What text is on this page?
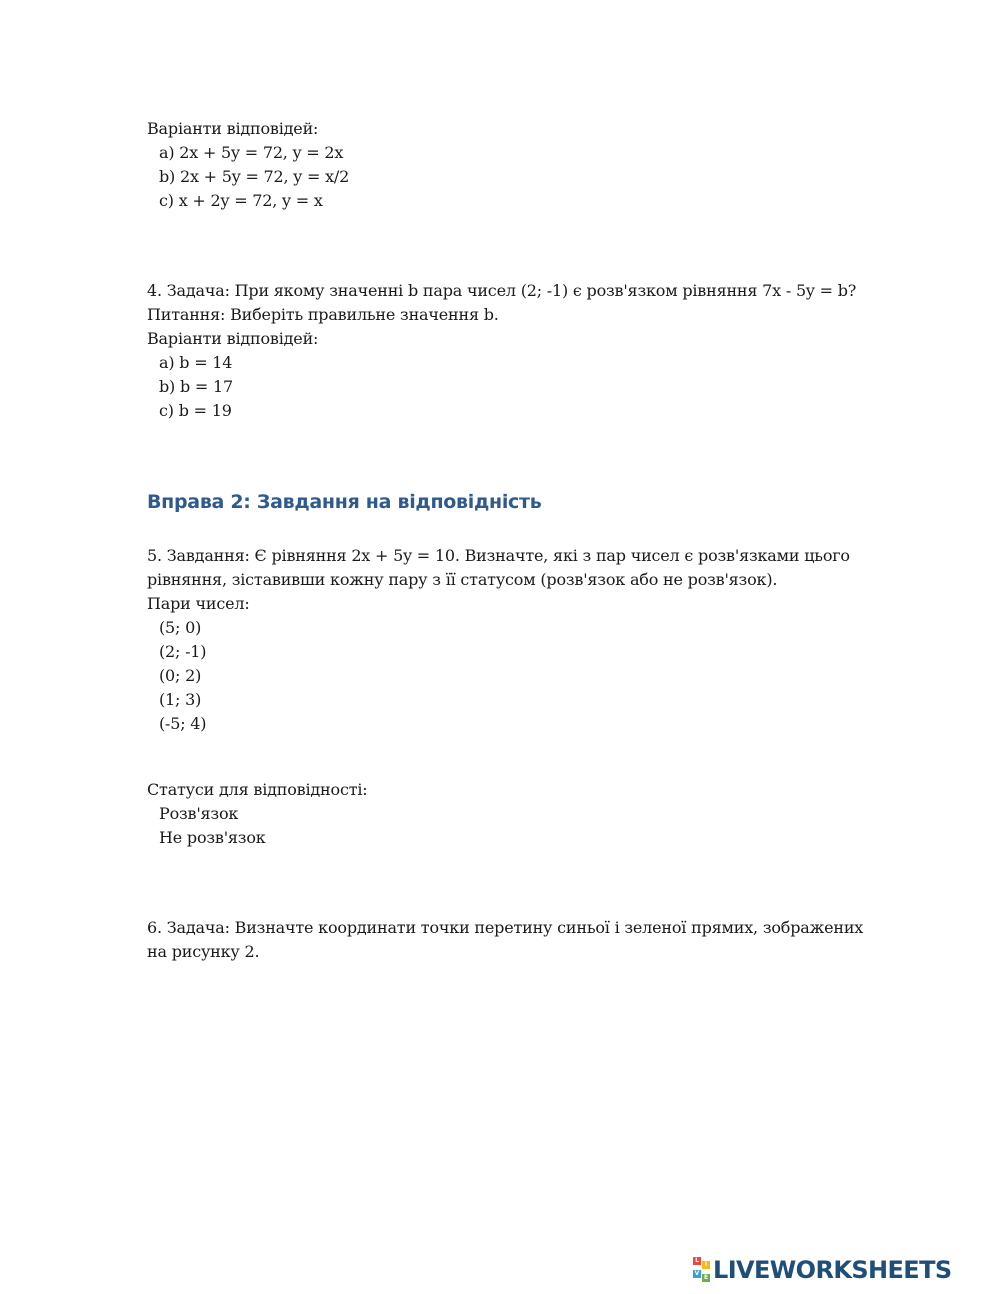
Варіанти відповідей:
a) 2x + 5y = 72, y = 2x
b) 2x + 5y = 72, y = x/2
c) x + 2y = 72, y = x
4. Задача: При якому значенні b пара чисел (2; -1) є розв'язком рівняння 7x - 5y = b?
Питання: Виберіть правильне значення b.
Варіанти відповідей:
a) b = 14
b) b = 17
c) b = 19
Вправа 2: Завдання на відповідність
5. Завдання: Є рівняння 2x + 5y = 10. Визначте, які з пар чисел є розв'язками цього
рівняння, зіставивши кожну пару з її статусом (розв'язок або не розв'язок).
Пари чисел:
(5; 0)
(2; -1)
(0; 2)
(1; 3)
(-5; 4)
Статуси для відповідності:
Розв'язок
Не розв'язок
6. Задача: Визначте координати точки перетину синьої і зеленої прямих, зображених
на рисунку 2.
L
I
V
E LIVEWORKSHEETS
